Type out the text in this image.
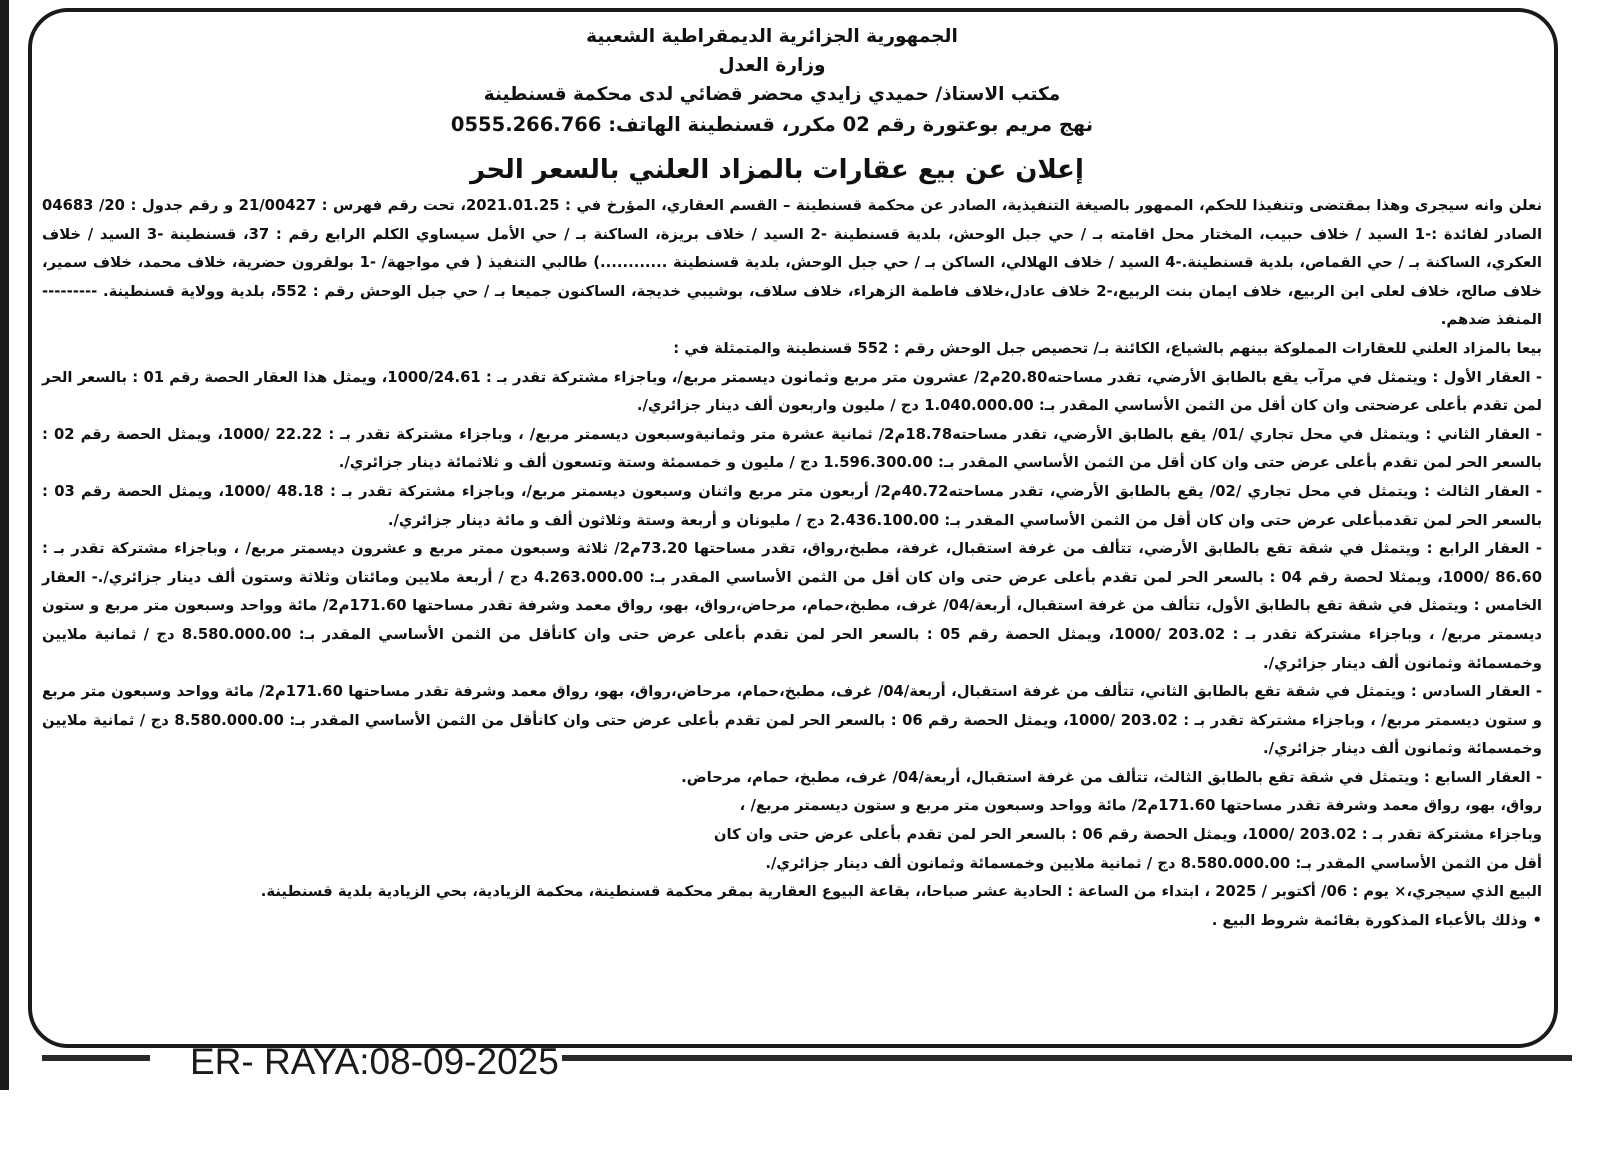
الجمهورية الجزائرية الديمقراطية الشعبية
وزارة العدل
مكتب الاستاذ/ حميدي زايدي محضر قضائي لدى محكمة قسنطينة
نهج مريم بوعتورة رقم 02 مكرر، قسنطينة الهاتف: 0555.266.766
إعلان عن بيع عقارات بالمزاد العلني بالسعر الحر

نعلن وانه سيجرى وهذا بمقتضى وتنفيذا للحكم، الممهور بالصيغة التنفيذية، الصادر عن محكمة قسنطينة – القسم العقاري، المؤرخ في : 2021.01.25، تحت رقم فهرس : 21/00427 و رقم جدول : 20/ 04683 الصادر لفائدة :-1 السيد / خلاف حبيب، المختار محل اقامته بـ / حي جبل الوحش، بلدية قسنطينة -2 السيد / خلاف بريزة، الساكنة بـ / حي الأمل سيساوي الكلم الرابع رقم : 37، قسنطينة -3 السيد / خلاف العكري، الساكنة بـ / حي القماص، بلدية قسنطينة.-4 السيد / خلاف الهلالي، الساكن بـ / حي جبل الوحش، بلدية قسنطينة ............) طالبي التنفيذ ( في مواجهة/ -1 بولقرون حضرية، خلاف محمد، خلاف سمير، خلاف صالح، خلاف لعلى ابن الربيع، خلاف ايمان بنت الربيع،-2 خلاف عادل،خلاف فاطمة الزهراء، خلاف سلاف، بوشيبي خديجة، الساكنون جميعا بـ / حي جبل الوحش رقم : 552، بلدية وولاية قسنطينة. ---------المنفذ ضدهم.

بيعا بالمزاد العلني للعقارات المملوكة بينهم بالشياع، الكائنة بـ/ تحصيص جبل الوحش رقم : 552 قسنطينة والمتمثلة في :

- العقار الأول : ويتمثل في مرآب يقع بالطابق الأرضي، تقدر مساحته20.80م2/ عشرون متر مربع وثمانون ديسمتر مربع/، وباجزاء مشتركة تقدر بـ : 1000/24.61، ويمثل هذا العقار الحصة رقم 01 : بالسعر الحر لمن تقدم بأعلى عرضحتى وان كان أقل من الثمن الأساسي المقدر بـ: 1.040.000.00 دج / مليون واربعون ألف دينار جزائري/.

- العقار الثاني : ويتمثل في محل تجاري /01/ يقع بالطابق الأرضي، تقدر مساحته18.78م2/ ثمانية عشرة متر وثمانيةوسبعون ديسمتر مربع/ ، وباجزاء مشتركة تقدر بـ : 22.22 /1000، ويمثل الحصة رقم 02 : بالسعر الحر لمن تقدم بأعلى عرض حتى وان كان أقل من الثمن الأساسي المقدر بـ: 1.596.300.00 دج / مليون و خمسمئة وستة وتسعون ألف و ثلاثمائة دينار جزائري/.

- العقار الثالث : ويتمثل في محل تجاري /02/ يقع بالطابق الأرضي، تقدر مساحته40.72م2/ أربعون متر مربع واثنان وسبعون ديسمتر مربع/، وباجزاء مشتركة تقدر بـ : 48.18 /1000، ويمثل الحصة رقم 03 : بالسعر الحر لمن تقدمبأعلى عرض حتى وان كان أقل من الثمن الأساسي المقدر بـ: 2.436.100.00 دج / مليونان و أربعة وستة وثلاثون ألف و مائة دينار جزائري/.

- العقار الرابع : ويتمثل في شقة تقع بالطابق الأرضي، تتألف من غرفة استقبال، غرفة، مطبخ،رواق، تقدر مساحتها 73.20م2/ ثلاثة وسبعون ممتر مربع و عشرون ديسمتر مربع/ ، وباجزاء مشتركة تقدر بـ : 86.60 /1000، ويمثلا لحصة رقم 04 : بالسعر الحر لمن تقدم بأعلى عرض حتى وان كان أقل من الثمن الأساسي المقدر بـ: 4.263.000.00 دج / أربعة ملايين ومائتان وثلاثة وستون ألف دينار جزائري/.- العقار الخامس : ويتمثل في شقة تقع بالطابق الأول، تتألف من غرفة استقبال، أربعة/04/ غرف، مطبخ،حمام، مرحاض،رواق، بهو، رواق معمد وشرفة تقدر مساحتها 171.60م2/ مائة وواحد وسبعون متر مربع و ستون ديسمتر مربع/ ، وباجزاء مشتركة تقدر بـ : 203.02 /1000، ويمثل الحصة رقم 05 : بالسعر الحر لمن تقدم بأعلى عرض حتى وان كانأقل من الثمن الأساسي المقدر بـ: 8.580.000.00 دج / ثمانية ملايين وخمسمائة وثمانون ألف دينار جزائري/.

- العقار السادس : ويتمثل في شقة تقع بالطابق الثاني، تتألف من غرفة استقبال، أربعة/04/ غرف، مطبخ،حمام، مرحاض،رواق، بهو، رواق معمد وشرفة تقدر مساحتها 171.60م2/ مائة وواحد وسبعون متر مربع و ستون ديسمتر مربع/ ، وباجزاء مشتركة تقدر بـ : 203.02 /1000، ويمثل الحصة رقم 06 : بالسعر الحر لمن تقدم بأعلى عرض حتى وان كانأقل من الثمن الأساسي المقدر بـ: 8.580.000.00 دج / ثمانية ملايين وخمسمائة وثمانون ألف دينار جزائري/.

- العقار السابع : ويتمثل في شقة تقع بالطابق الثالث، تتألف من غرفة استقبال، أربعة/04/ غرف، مطبخ، حمام، مرحاض.

رواق، بهو، رواق معمد وشرفة تقدر مساحتها 171.60م2/ مائة وواحد وسبعون متر مربع و ستون ديسمتر مربع/ ،

وباجزاء مشتركة تقدر بـ : 203.02 /1000، ويمثل الحصة رقم 06 : بالسعر الحر لمن تقدم بأعلى عرض حتى وان كان

أقل من الثمن الأساسي المقدر بـ: 8.580.000.00 دج / ثمانية ملايين وخمسمائة وثمانون ألف دينار جزائري/.

البيع الذي سيجري،× يوم : 06/ أكتوبر / 2025 ، ابتداء من الساعة : الحادية عشر صباحا،، بقاعة البيوع العقارية بمقر محكمة قسنطينة، محكمة الزيادية، بحي الزيادية بلدية قسنطينة.

• وذلك بالأعباء المذكورة بقائمة شروط البيع .

ER- RAYA:08-09-2025
